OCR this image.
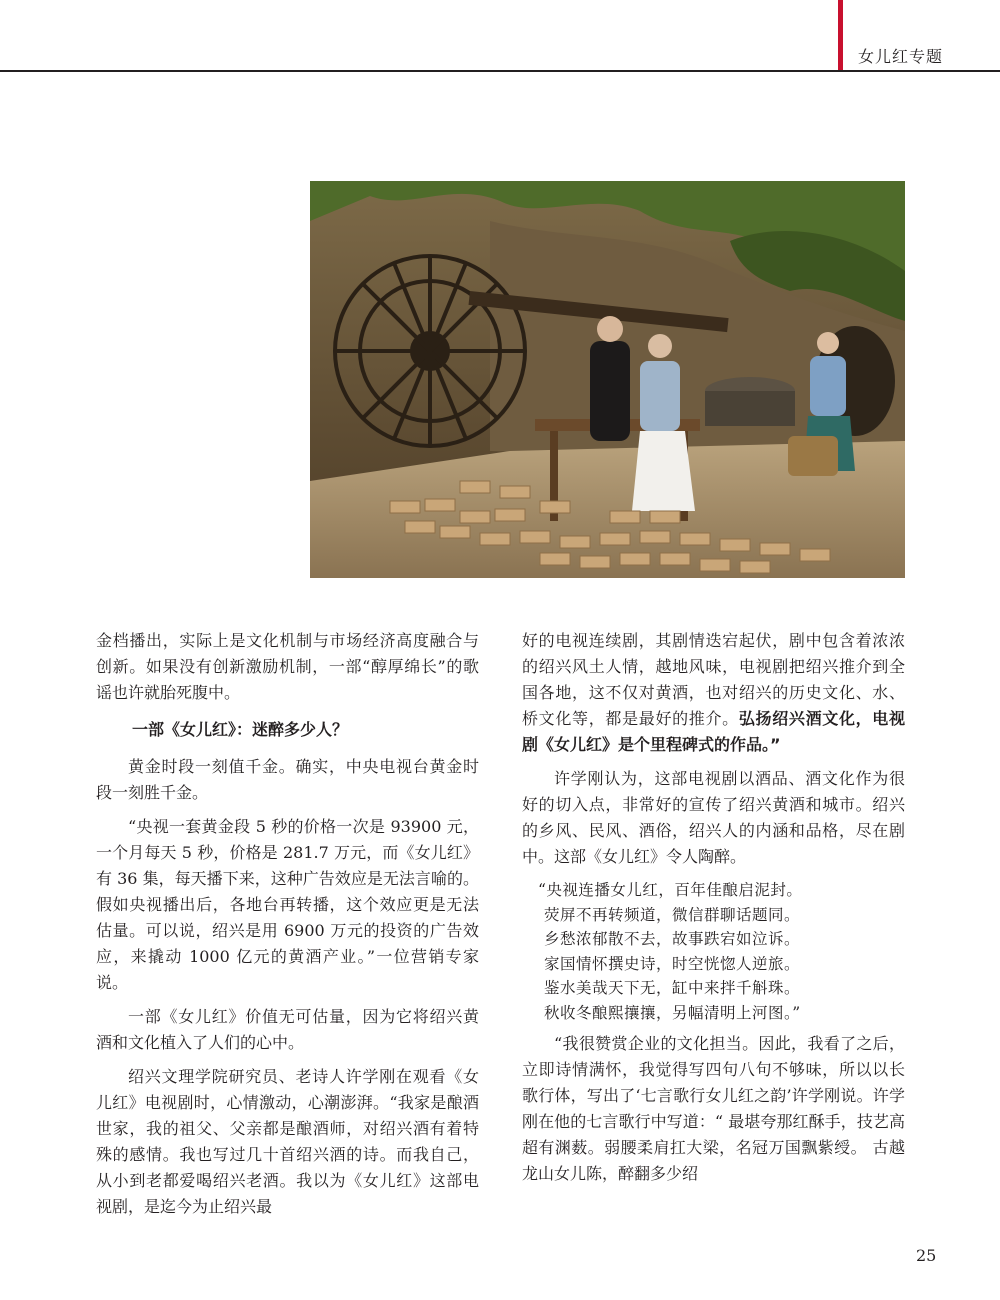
女儿红专题

金档播出，实际上是文化机制与市场经济高度融合与创新。如果没有创新激励机制，一部“醇厚绵长”的歌谣也许就胎死腹中。

一部《女儿红》：迷醉多少人？

黄金时段一刻值千金。确实，中央电视台黄金时段一刻胜千金。

“央视一套黄金段 5 秒的价格一次是 93900 元，一个月每天 5 秒，价格是 281.7 万元，而《女儿红》有 36 集，每天播下来，这种广告效应是无法言喻的。假如央视播出后，各地台再转播，这个效应更是无法估量。可以说，绍兴是用 6900 万元的投资的广告效应，来撬动 1000 亿元的黄酒产业。”一位营销专家说。

一部《女儿红》价值无可估量，因为它将绍兴黄酒和文化植入了人们的心中。

绍兴文理学院研究员、老诗人许学刚在观看《女儿红》电视剧时，心情激动，心潮澎湃。“我家是酿酒世家，我的祖父、父亲都是酿酒师，对绍兴酒有着特殊的感情。我也写过几十首绍兴酒的诗。而我自己，从小到老都爱喝绍兴老酒。我以为《女儿红》这部电视剧，是迄今为止绍兴最

好的电视连续剧，其剧情迭宕起伏，剧中包含着浓浓的绍兴风土人情，越地风味，电视剧把绍兴推介到全国各地，这不仅对黄酒，也对绍兴的历史文化、水、桥文化等，都是最好的推介。弘扬绍兴酒文化，电视剧《女儿红》是个里程碑式的作品。”

许学刚认为，这部电视剧以酒品、酒文化作为很好的切入点，非常好的宣传了绍兴黄酒和城市。绍兴的乡风、民风、酒俗，绍兴人的内涵和品格，尽在剧中。这部《女儿红》令人陶醉。

“央视连播女儿红，百年佳酿启泥封。
荧屏不再转频道，微信群聊话题同。
乡愁浓郁散不去，故事跌宕如泣诉。
家国情怀撰史诗，时空恍惚人逆旅。
鉴水美哉天下无，缸中来拌千斛珠。
秋收冬酿熙攘攘，另幅清明上河图。”

“我很赞赏企业的文化担当。因此，我看了之后，立即诗情满怀，我觉得写四句八句不够味，所以以长歌行体，写出了‘七言歌行女儿红之韵’许学刚说。许学刚在他的七言歌行中写道：“ 最堪夸那红酥手，技艺高超有渊薮。弱腰柔肩扛大梁，名冠万国飘紫绶。 古越龙山女儿陈，醉翻多少绍

25
